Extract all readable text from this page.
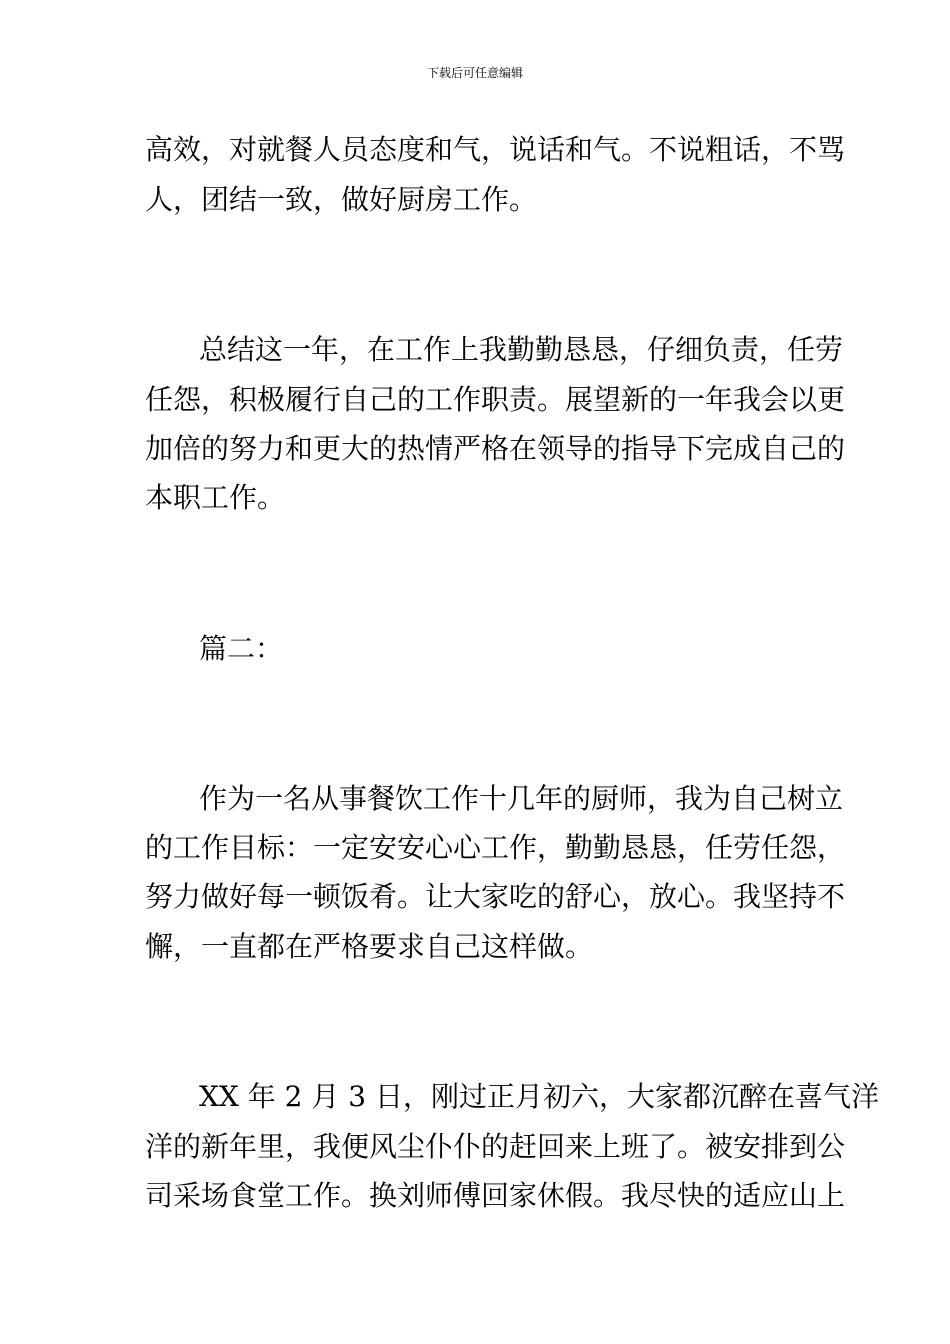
下载后可任意编辑
高效，对就餐人员态度和气，说话和气。不说粗话，不骂
人，团结一致，做好厨房工作。
总结这一年，在工作上我勤勤恳恳，仔细负责，任劳
任怨，积极履行自己的工作职责。展望新的一年我会以更
加倍的努力和更大的热情严格在领导的指导下完成自己的
本职工作。
篇二：
作为一名从事餐饮工作十几年的厨师，我为自己树立
的工作目标：一定安安心心工作，勤勤恳恳，任劳任怨，
努力做好每一顿饭肴。让大家吃的舒心，放心。我坚持不
懈，一直都在严格要求自己这样做。
XX 年 2 月 3 日，刚过正月初六，大家都沉醉在喜气洋
洋的新年里，我便风尘仆仆的赶回来上班了。被安排到公
司采场食堂工作。换刘师傅回家休假。我尽快的适应山上
